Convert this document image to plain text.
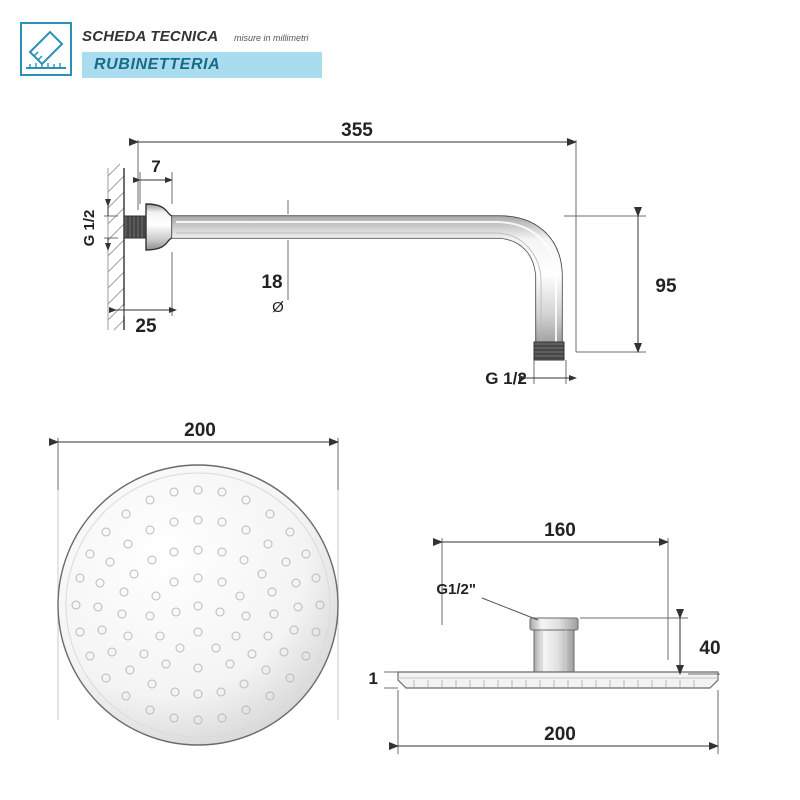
SCHEDA TECNICA misure in millimetri
RUBINETTERIA
355
7
25
G 1/2
18
Ø
95
G 1/2
200
160
G1/2"
1
40
200
